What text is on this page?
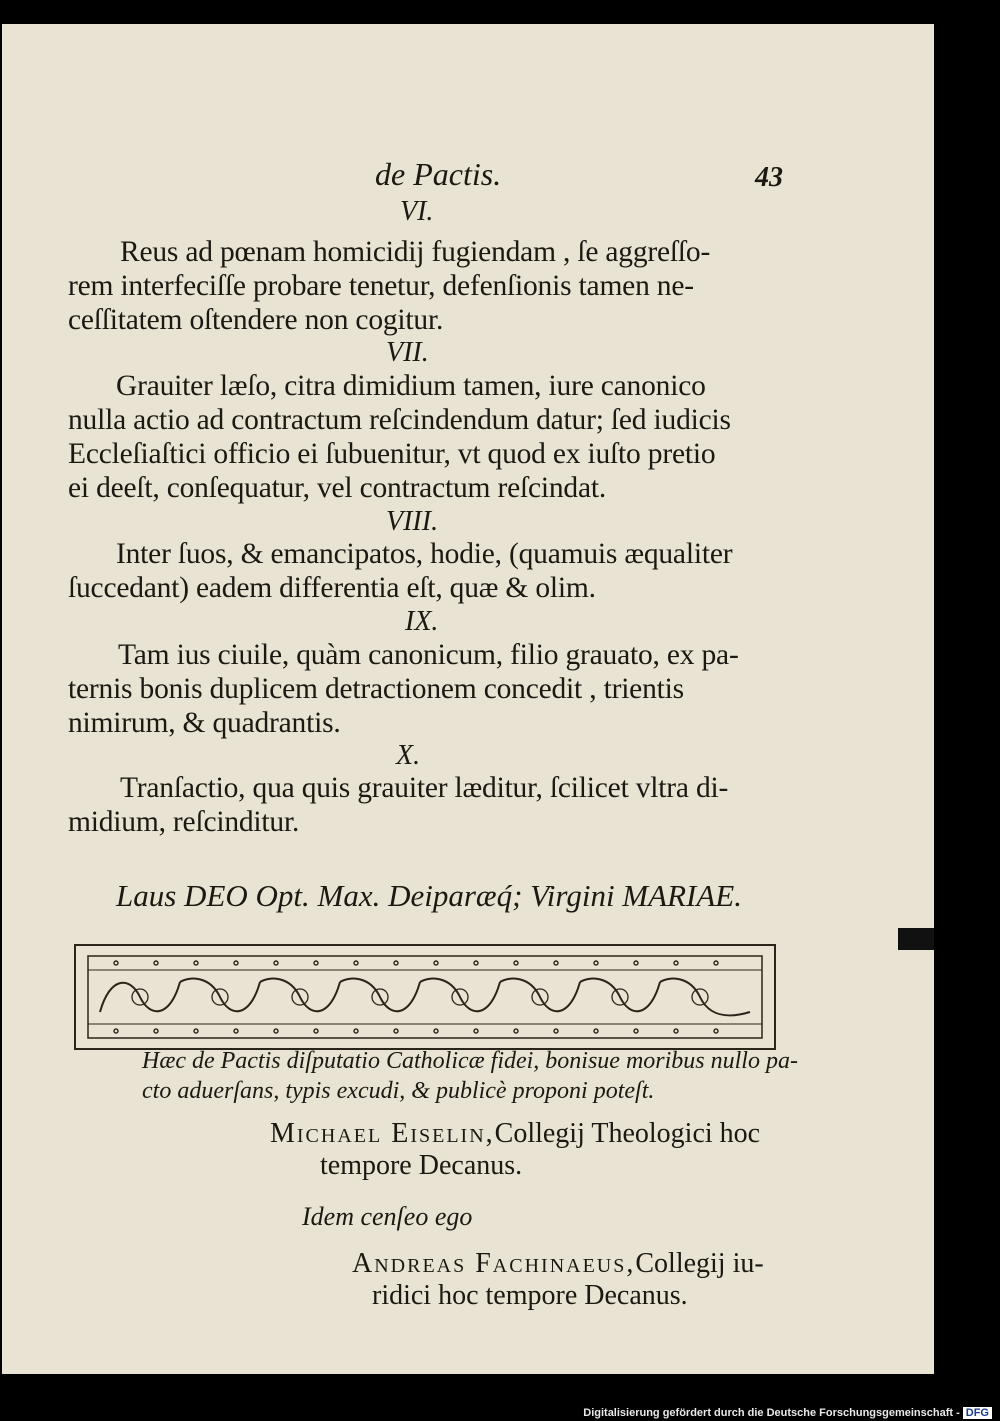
de Pactis.	43
VI.
Reus ad pœnam homicidij fugiendam , ſe aggreſſo-
rem interfeciſſe probare tenetur, defenſionis tamen ne-
ceſſitatem oſtendere non cogitur.
VII.
Grauiter læſo, citra dimidium tamen, iure canonico
nulla actio ad contractum reſcindendum datur; ſed iudicis
Eccleſiaſtici officio ei ſubuenitur, vt quod ex iuſto pretio
ei deeſt, conſequatur, vel contractum reſcindat.
VIII.
Inter ſuos, & emancipatos, hodie, (quamuis æqualiter
ſuccedant) eadem differentia eſt, quæ & olim.
IX.
Tam ius ciuile, quàm canonicum, filio grauato, ex pa-
ternis bonis duplicem detractionem concedit , trientis
nimirum, & quadrantis.
X.
Tranſactio, qua quis grauiter læditur, ſcilicet vltra di-
midium, reſcinditur.
Laus DEO Opt. Max. Deiparæq́; Virgini MARIAE.
Hæc de Pactis diſputatio Catholicæ fidei, bonisue moribus nullo pa-
cto aduerſans, typis excudi, & publicè proponi poteſt.
Michael Eiselin,Collegij Theologici hoc
tempore Decanus.
Idem cenſeo ego
Andreas Fachinaeus,Collegij iu-
ridici hoc tempore Decanus.
Digitalisierung gefördert durch die Deutsche Forschungsgemeinschaft - DFG
